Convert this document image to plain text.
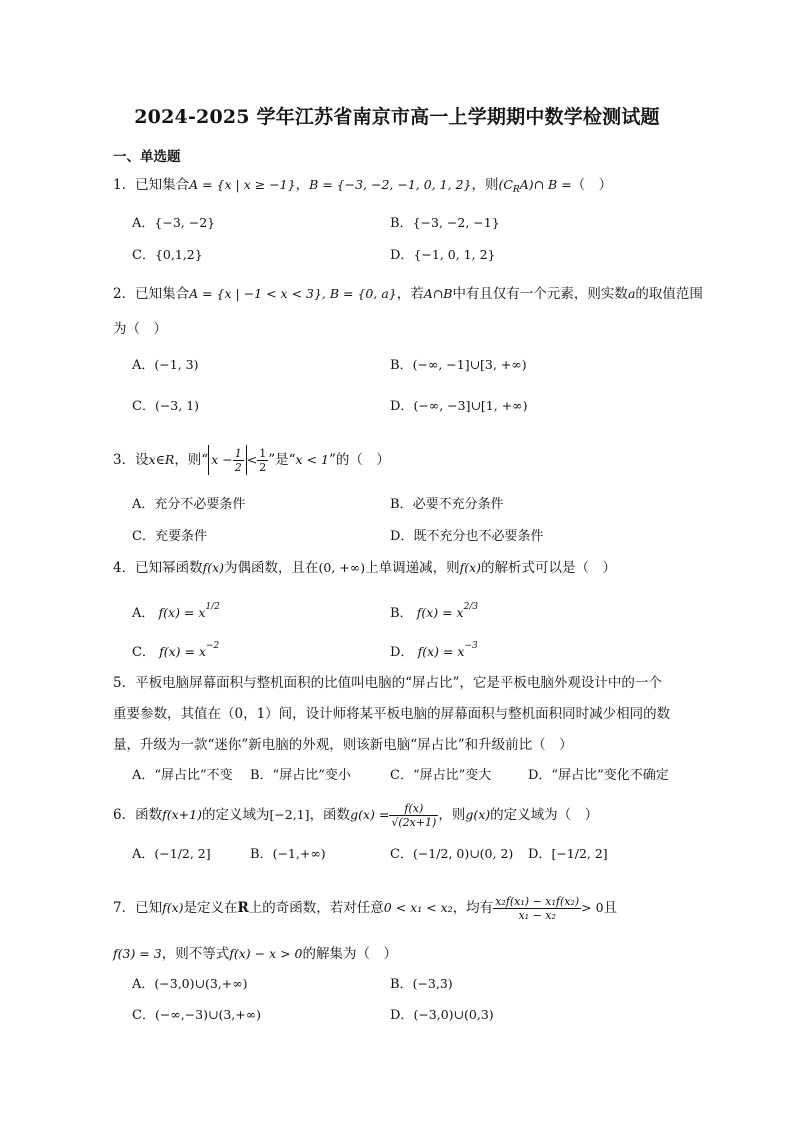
2024-2025 学年江苏省南京市高一上学期期中数学检测试题
一、单选题
1．已知集合A = {x | x ≥ −1}，B = {−3, −2, −1, 0, 1, 2}，则$(C_RA)\cap$ B =（　）
A．{−3, −2}	B．{−3, −2, −1}
C．{0,1,2}	D．{−1, 0, 1, 2}
2．已知集合A = {x | −1 < x < 3}, B = {0, a}，若A∩B中有且仅有一个元素，则实数a的取值范围
为（　）
A．(−1, 3)	B．(−∞, −1]∪[3, +∞)
C．(−3, 1)	D．(−∞, −3]∪[1, +∞)
3．设x∈R，则“ $x - \frac{1}{2} < \frac{1}{2}$ ”是“x < 1”的（　）
A．充分不必要条件	B．必要不充分条件
C．充要条件	D．既不充分也不必要条件
4．已知幂函数f(x)为偶函数，且在(0, +∞)上单调递减，则f(x)的解析式可以是（　）
A． $f(x) = x^{1/2}$	B． $f(x) = x^{2/3}$
C． $f(x) = x^{-2}$	D． $f(x) = x^{-3}$
5．平板电脑屏幕面积与整机面积的比值叫电脑的“屏占比”，它是平板电脑外观设计中的一个
重要参数，其值在（0，1）间，设计师将某平板电脑的屏幕面积与整机面积同时减少相同的数
量，升级为一款“迷你”新电脑的外观，则该新电脑“屏占比”和升级前比（　）
A．“屏占比”不变 B．“屏占比”变小	C．“屏占比”变大	D．“屏占比”变化不确定
6．函数f(x+1)的定义域为[−2,1]，函数$g(x) = \frac{f(x)}{√(2x+1)}$ ，则g(x)的定义域为（　）
A．(−1/2, 2]	B．(−1,+∞)	C．(−1/2, 0)∪(0, 2) D．[−1/2, 2]
7．已知f(x)是定义在R上的奇函数，若对任意0 < x₁ < x₂，均有 $\frac{\text{x₂f(x₁) − x₁f(x₂)}}{\text{x₁ − x₂}} > 0$且
f(3) = 3，则不等式f(x) − x > 0的解集为（　）
A．(−3,0)∪(3,+∞)	B．(−3,3)
C．(−∞,−3)∪(3,+∞)	D．(−3,0)∪(0,3)
